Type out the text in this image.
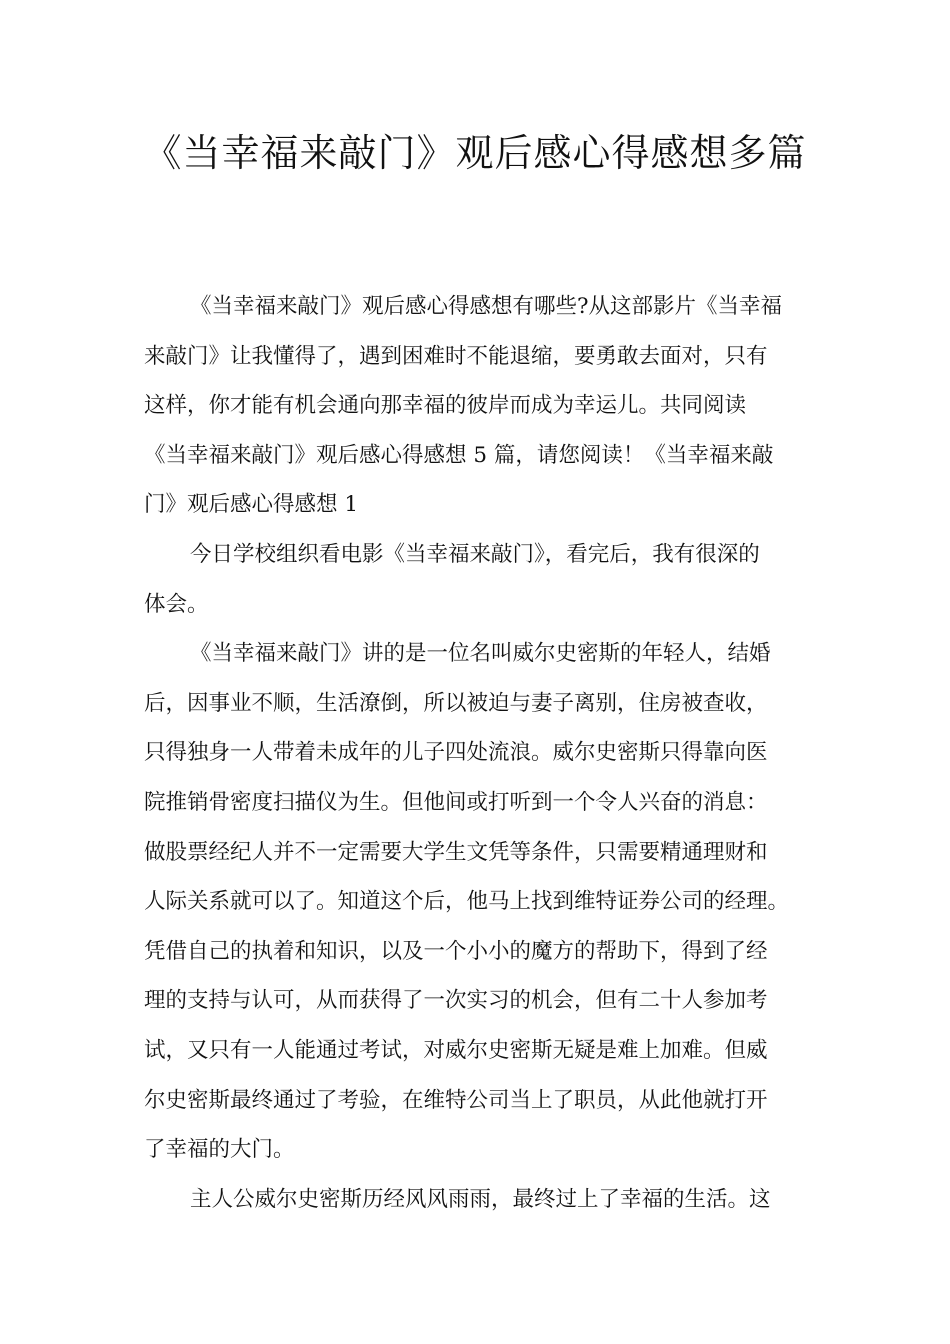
《当幸福来敲门》观后感心得感想多篇

《当幸福来敲门》观后感心得感想有哪些?从这部影片《当幸福
来敲门》让我懂得了，遇到困难时不能退缩，要勇敢去面对，只有
这样，你才能有机会通向那幸福的彼岸而成为幸运儿。共同阅读
《当幸福来敲门》观后感心得感想 5 篇，请您阅读！《当幸福来敲
门》观后感心得感想 1

今日学校组织看电影《当幸福来敲门》，看完后，我有很深的
体会。

《当幸福来敲门》讲的是一位名叫威尔史密斯的年轻人，结婚
后，因事业不顺，生活潦倒，所以被迫与妻子离别，住房被查收，
只得独身一人带着未成年的儿子四处流浪。威尔史密斯只得靠向医
院推销骨密度扫描仪为生。但他间或打听到一个令人兴奋的消息：
做股票经纪人并不一定需要大学生文凭等条件，只需要精通理财和
人际关系就可以了。知道这个后，他马上找到维特证券公司的经理。
凭借自己的执着和知识，以及一个小小的魔方的帮助下，得到了经
理的支持与认可，从而获得了一次实习的机会，但有二十人参加考
试，又只有一人能通过考试，对威尔史密斯无疑是难上加难。但威
尔史密斯最终通过了考验，在维特公司当上了职员，从此他就打开
了幸福的大门。

主人公威尔史密斯历经风风雨雨，最终过上了幸福的生活。这
